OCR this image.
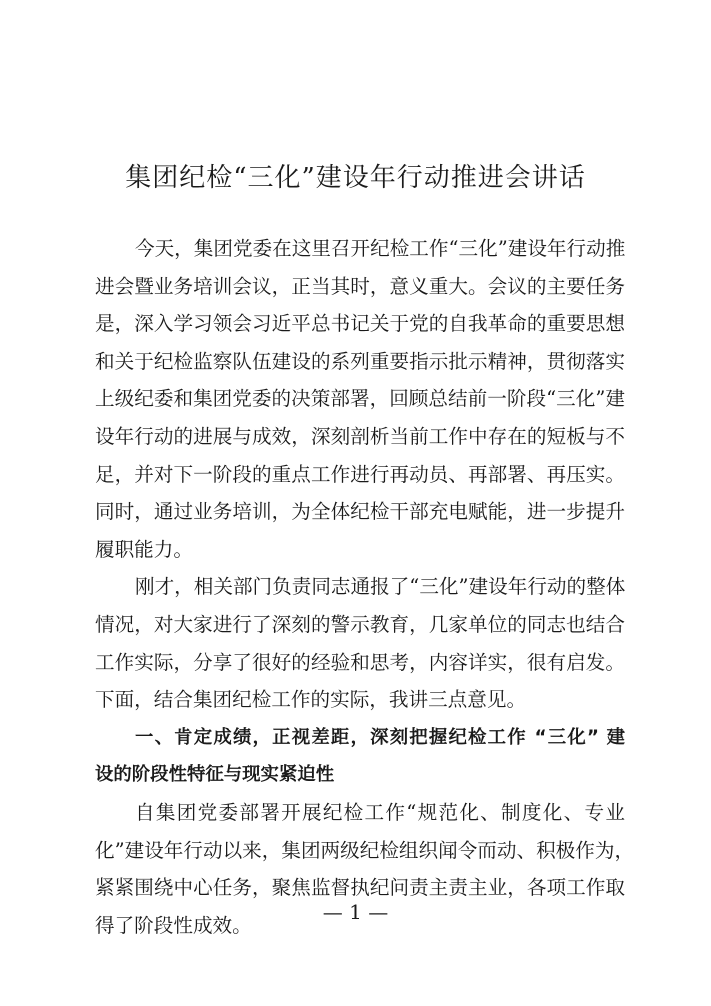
集团纪检“三化”建设年行动推进会讲话
今天，集团党委在这里召开纪检工作“三化”建设年行动推
进会暨业务培训会议，正当其时，意义重大。会议的主要任务
是，深入学习领会习近平总书记关于党的自我革命的重要思想
和关于纪检监察队伍建设的系列重要指示批示精神，贯彻落实
上级纪委和集团党委的决策部署，回顾总结前一阶段“三化”建
设年行动的进展与成效，深刻剖析当前工作中存在的短板与不
足，并对下一阶段的重点工作进行再动员、再部署、再压实。
同时，通过业务培训，为全体纪检干部充电赋能，进一步提升
履职能力。
刚才，相关部门负责同志通报了“三化”建设年行动的整体
情况，对大家进行了深刻的警示教育，几家单位的同志也结合
工作实际，分享了很好的经验和思考，内容详实，很有启发。
下面，结合集团纪检工作的实际，我讲三点意见。
一、肯定成绩，正视差距，深刻把握纪检工作 “三化” 建
设的阶段性特征与现实紧迫性
自集团党委部署开展纪检工作“规范化、制度化、专业
化”建设年行动以来，集团两级纪检组织闻令而动、积极作为，
紧紧围绕中心任务，聚焦监督执纪问责主责主业，各项工作取
得了阶段性成效。
— 1 —
